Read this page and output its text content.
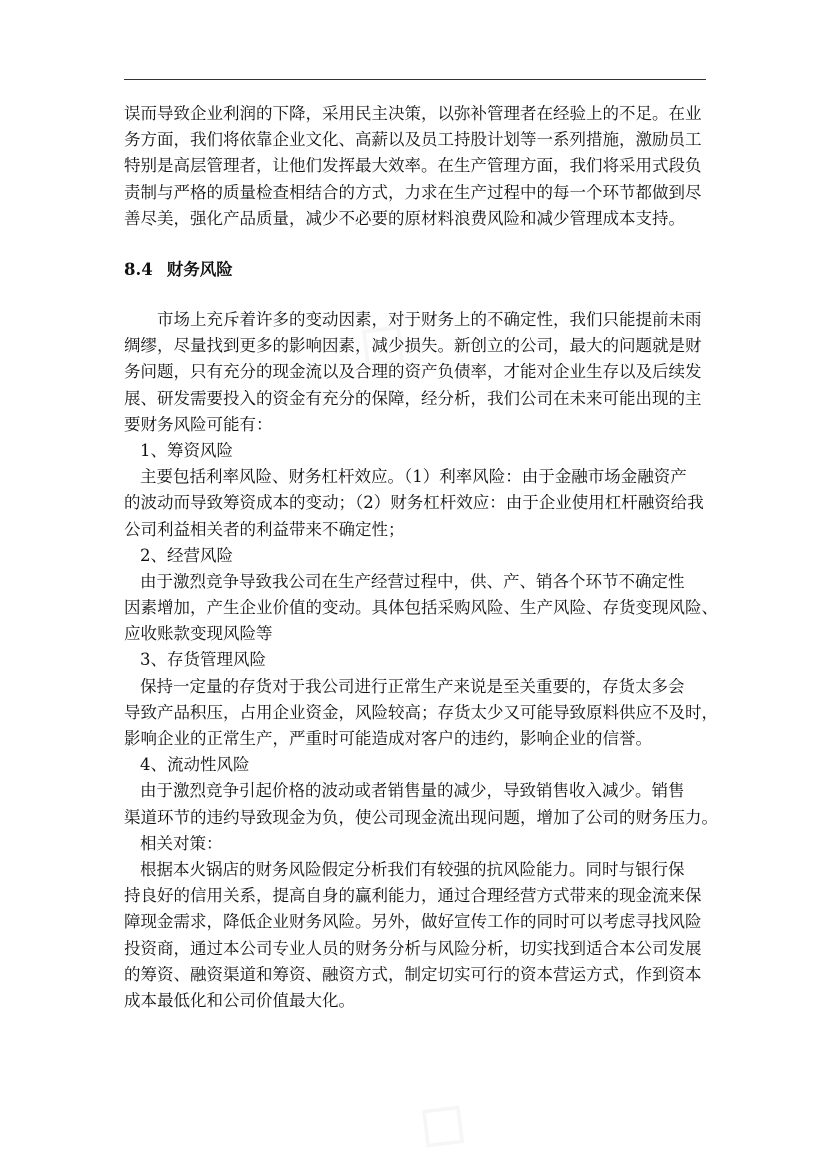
◇
◇
误而导致企业利润的下降，采用民主决策，以弥补管理者在经验上的不足。在业
务方面，我们将依靠企业文化、高薪以及员工持股计划等一系列措施，激励员工
特别是高层管理者，让他们发挥最大效率。在生产管理方面，我们将采用式段负
责制与严格的质量检查相结合的方式，力求在生产过程中的每一个环节都做到尽
善尽美，强化产品质量，减少不必要的原材料浪费风险和减少管理成本支持。
8.4 财务风险
市场上充斥着许多的变动因素，对于财务上的不确定性，我们只能提前未雨
绸缪，尽量找到更多的影响因素，减少损失。新创立的公司，最大的问题就是财
务问题，只有充分的现金流以及合理的资产负债率，才能对企业生存以及后续发
展、研发需要投入的资金有充分的保障，经分析，我们公司在未来可能出现的主
要财务风险可能有：
1、筹资风险
主要包括利率风险、财务杠杆效应。（1）利率风险：由于金融市场金融资产
的波动而导致筹资成本的变动；（2）财务杠杆效应：由于企业使用杠杆融资给我
公司利益相关者的利益带来不确定性；
2、经营风险
由于激烈竞争导致我公司在生产经营过程中，供、产、销各个环节不确定性
因素增加，产生企业价值的变动。具体包括采购风险、生产风险、存货变现风险、
应收账款变现风险等
3、存货管理风险
保持一定量的存货对于我公司进行正常生产来说是至关重要的，存货太多会
导致产品积压，占用企业资金，风险较高；存货太少又可能导致原料供应不及时，
影响企业的正常生产，严重时可能造成对客户的违约，影响企业的信誉。
4、流动性风险
由于激烈竞争引起价格的波动或者销售量的减少，导致销售收入减少。销售
渠道环节的违约导致现金为负，使公司现金流出现问题，增加了公司的财务压力。
相关对策：
根据本火锅店的财务风险假定分析我们有较强的抗风险能力。同时与银行保
持良好的信用关系，提高自身的赢利能力，通过合理经营方式带来的现金流来保
障现金需求，降低企业财务风险。另外，做好宣传工作的同时可以考虑寻找风险
投资商，通过本公司专业人员的财务分析与风险分析，切实找到适合本公司发展
的筹资、融资渠道和筹资、融资方式，制定切实可行的资本营运方式，作到资本
成本最低化和公司价值最大化。
